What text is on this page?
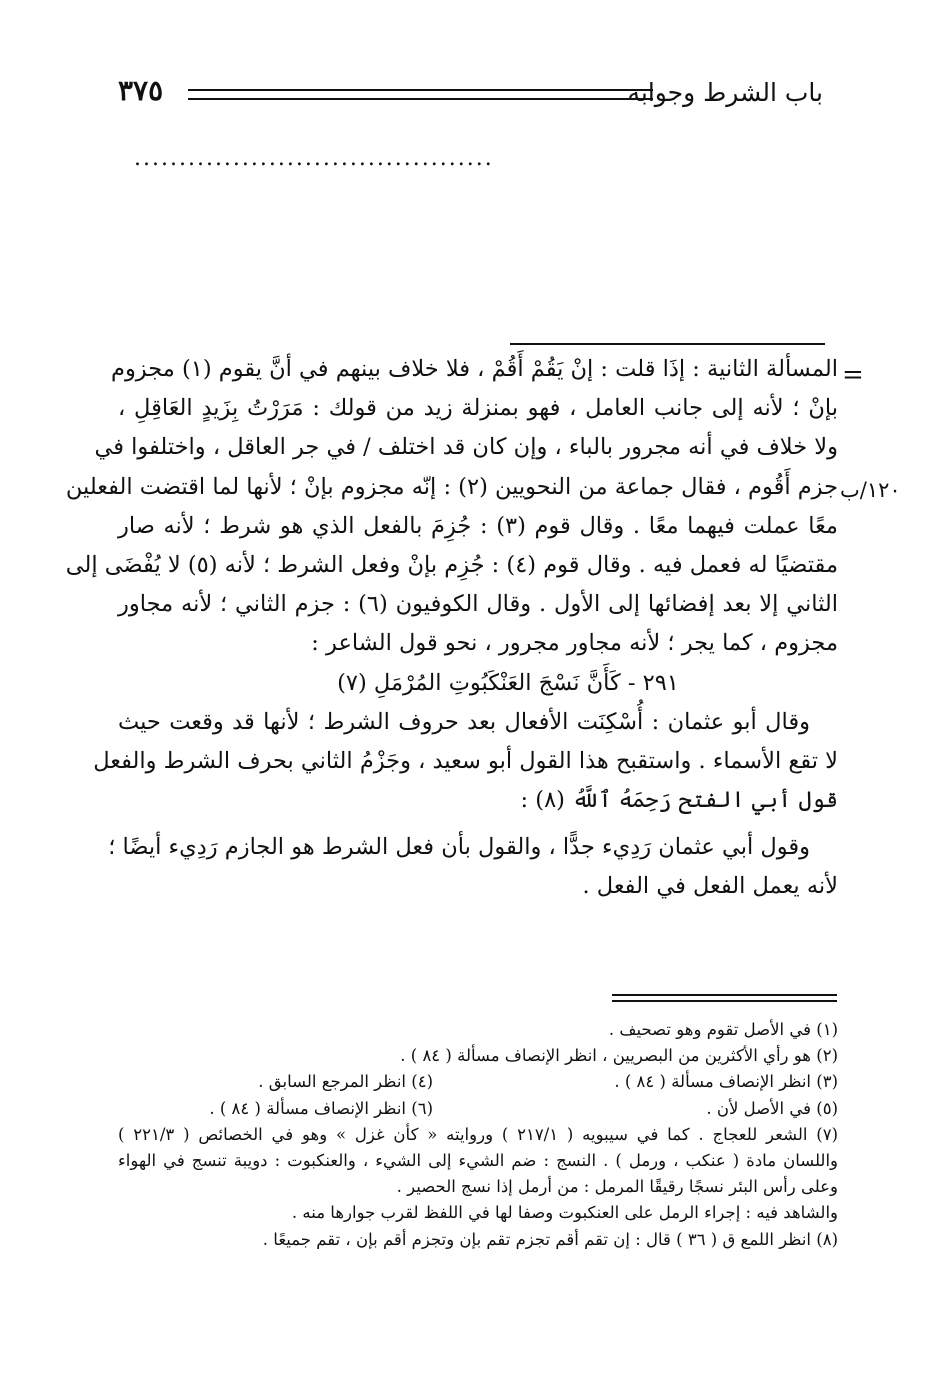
باب الشرط وجوابه
٣٧٥
........................................
=
١٢٠/ب
المسألة الثانية : إذَا قلت : إنْ يَقُمْ أَقُمْ ، فلا خلاف بينهم في أنَّ يقوم (١) مجزوم
بإنْ ؛ لأنه إلى جانب العامل ، فهو بمنزلة زيد من قولك : مَرَرْتُ بِزَيدٍ العَاقِلِ ،
ولا خلاف في أنه مجرور بالباء ، وإن كان قد اختلف / في جر العاقل ، واختلفوا في
جزم أَقُوم ، فقال جماعة من النحويين (٢) : إنّه مجزوم بإنْ ؛ لأنها لما اقتضت الفعلين
معًا عملت فيهما معًا . وقال قوم (٣) : جُزِمَ بالفعل الذي هو شرط ؛ لأنه صار
مقتضيًا له فعمل فيه . وقال قوم (٤) : جُزِم بإنْ وفعل الشرط ؛ لأنه (٥) لا يُفْضَى إلى
الثاني إلا بعد إفضائها إلى الأول . وقال الكوفيون (٦) : جزم الثاني ؛ لأنه مجاور
مجزوم ، كما يجر ؛ لأنه مجاور مجرور ، نحو قول الشاعر :
٢٩١ - كَأَنَّ نَسْجَ العَنْكَبُوتِ المُرْمَلِ (٧)
وقال أبو عثمان : أُسْكِنَت الأفعال بعد حروف الشرط ؛ لأنها قد وقعت حيث
لا تقع الأسماء . واستقبح هذا القول أبو سعيد ، وجَزْمُ الثاني بحرف الشرط والفعل
قول أبي الفتح رَحِمَهُ ٱللَّهُ (٨) :
وقول أبي عثمان رَدِيء جدًّا ، والقول بأن فعل الشرط هو الجازم رَدِيء أيضًا ؛
لأنه يعمل الفعل في الفعل .
(١) في الأصل تقوم وهو تصحيف .
(٢) هو رأي الأكثرين من البصريين ، انظر الإنصاف مسألة ( ٨٤ ) .
(٣) انظر الإنصاف مسألة ( ٨٤ ) .
(٤) انظر المرجع السابق .
(٥) في الأصل لأن .
(٦) انظر الإنصاف مسألة ( ٨٤ ) .
(٧) الشعر للعجاج . كما في سيبويه ( ٢١٧/١ ) وروايته « كأن غزل » وهو في الخصائص ( ٢٢١/٣ )
واللسان مادة ( عنكب ، ورمل ) . النسج : ضم الشيء إلى الشيء ، والعنكبوت : دويبة تنسج في الهواء
وعلى رأس البئر نسجًا رقيقًا المرمل : من أرمل إذا نسج الحصير .
والشاهد فيه : إجراء الرمل على العنكبوت وصفا لها في اللفظ لقرب جوارها منه .
(٨) انظر اللمع ق ( ٣٦ ) قال : إن تقم أقم تجزم تقم بإن وتجزم أقم بإن ، تقم جميعًا .
